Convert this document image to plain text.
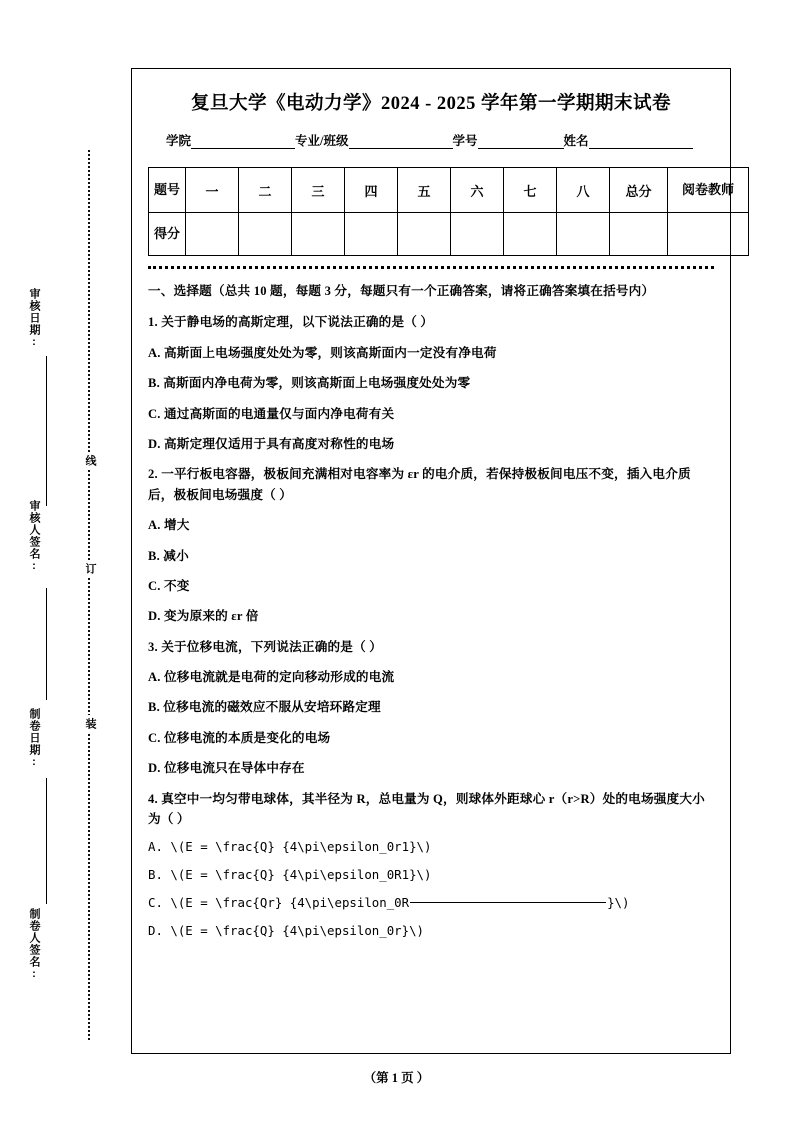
审核日期:
审核人签名:
制卷日期:
制卷人签名:
线
订
装
复旦大学《电动力学》2024 - 2025 学年第一学期期末试卷
学院	专业/班级	学号	姓名
题号	一	二	三	四	五	六	七	八	总分	阅卷教师

得分										

一、选择题（总共 10 题，每题 3 分，每题只有一个正确答案，请将正确答案填在括号内）
1. 关于静电场的高斯定理，以下说法正确的是（ ）
A. 高斯面上电场强度处处为零，则该高斯面内一定没有净电荷
B. 高斯面内净电荷为零，则该高斯面上电场强度处处为零
C. 通过高斯面的电通量仅与面内净电荷有关
D. 高斯定理仅适用于具有高度对称性的电场
2. 一平行板电容器，极板间充满相对电容率为 εr 的电介质，若保持极板间电压不变，插入电介质后，极板间电场强度（ ）
A. 增大
B. 减小
C. 不变
D. 变为原来的 εr 倍
3. 关于位移电流，下列说法正确的是（ ）
A. 位移电流就是电荷的定向移动形成的电流
B. 位移电流的磁效应不服从安培环路定理
C. 位移电流的本质是变化的电场
D. 位移电流只在导体中存在
4. 真空中一均匀带电球体，其半径为 R，总电量为 Q，则球体外距球心 r（r>R）处的电场强度大小为（ ）
A. \(E = \frac{Q} {4\pi\epsilon_0r1}\)
B. \(E = \frac{Q} {4\pi\epsilon_0R1}\)
C. \(E = \frac{Qr} {4\pi\epsilon_0R	}\)
D. \(E = \frac{Q} {4\pi\epsilon_0r}\)
（第 1 页 ）
